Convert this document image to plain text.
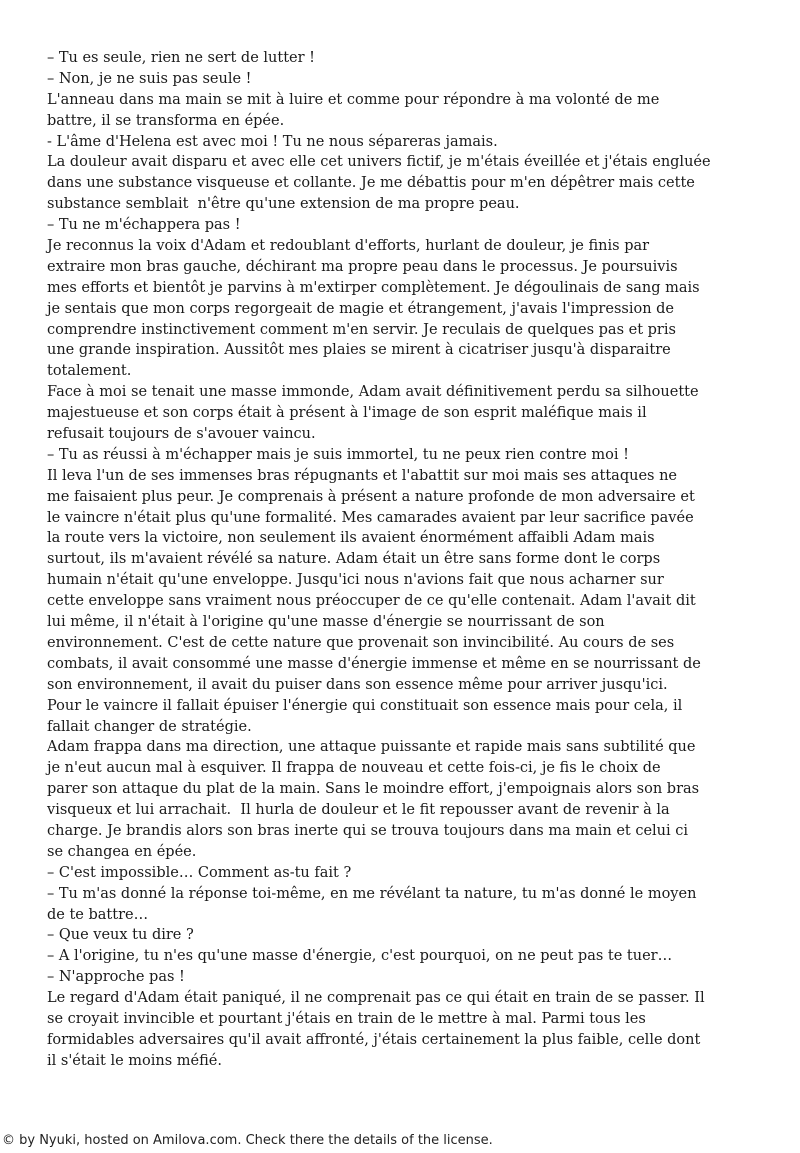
– Tu es seule, rien ne sert de lutter !
– Non, je ne suis pas seule !
L'anneau dans ma main se mit à luire et comme pour répondre à ma volonté de me
battre, il se transforma en épée.
- L'âme d'Helena est avec moi ! Tu ne nous sépareras jamais.
La douleur avait disparu et avec elle cet univers fictif, je m'étais éveillée et j'étais engluée
dans une substance visqueuse et collante. Je me débattis pour m'en dépêtrer mais cette
substance semblait  n'être qu'une extension de ma propre peau.
– Tu ne m'échappera pas !
Je reconnus la voix d'Adam et redoublant d'efforts, hurlant de douleur, je finis par
extraire mon bras gauche, déchirant ma propre peau dans le processus. Je poursuivis
mes efforts et bientôt je parvins à m'extirper complètement. Je dégoulinais de sang mais
je sentais que mon corps regorgeait de magie et étrangement, j'avais l'impression de
comprendre instinctivement comment m'en servir. Je reculais de quelques pas et pris
une grande inspiration. Aussitôt mes plaies se mirent à cicatriser jusqu'à disparaitre
totalement.
Face à moi se tenait une masse immonde, Adam avait définitivement perdu sa silhouette
majestueuse et son corps était à présent à l'image de son esprit maléfique mais il
refusait toujours de s'avouer vaincu.
– Tu as réussi à m'échapper mais je suis immortel, tu ne peux rien contre moi !
Il leva l'un de ses immenses bras répugnants et l'abattit sur moi mais ses attaques ne
me faisaient plus peur. Je comprenais à présent a nature profonde de mon adversaire et
le vaincre n'était plus qu'une formalité. Mes camarades avaient par leur sacrifice pavée
la route vers la victoire, non seulement ils avaient énormément affaibli Adam mais
surtout, ils m'avaient révélé sa nature. Adam était un être sans forme dont le corps
humain n'était qu'une enveloppe. Jusqu'ici nous n'avions fait que nous acharner sur
cette enveloppe sans vraiment nous préoccuper de ce qu'elle contenait. Adam l'avait dit
lui même, il n'était à l'origine qu'une masse d'énergie se nourrissant de son
environnement. C'est de cette nature que provenait son invincibilité. Au cours de ses
combats, il avait consommé une masse d'énergie immense et même en se nourrissant de
son environnement, il avait du puiser dans son essence même pour arriver jusqu'ici.
Pour le vaincre il fallait épuiser l'énergie qui constituait son essence mais pour cela, il
fallait changer de stratégie.
Adam frappa dans ma direction, une attaque puissante et rapide mais sans subtilité que
je n'eut aucun mal à esquiver. Il frappa de nouveau et cette fois-ci, je fis le choix de
parer son attaque du plat de la main. Sans le moindre effort, j'empoignais alors son bras
visqueux et lui arrachait.  Il hurla de douleur et le fit repousser avant de revenir à la
charge. Je brandis alors son bras inerte qui se trouva toujours dans ma main et celui ci
se changea en épée.
– C'est impossible… Comment as-tu fait ?
– Tu m'as donné la réponse toi-même, en me révélant ta nature, tu m'as donné le moyen
de te battre…
– Que veux tu dire ?
– A l'origine, tu n'es qu'une masse d'énergie, c'est pourquoi, on ne peut pas te tuer…
– N'approche pas !
Le regard d'Adam était paniqué, il ne comprenait pas ce qui était en train de se passer. Il
se croyait invincible et pourtant j'étais en train de le mettre à mal. Parmi tous les
formidables adversaires qu'il avait affronté, j'étais certainement la plus faible, celle dont
il s'était le moins méfié.
© by Nyuki, hosted on Amilova.com. Check there the details of the license.
